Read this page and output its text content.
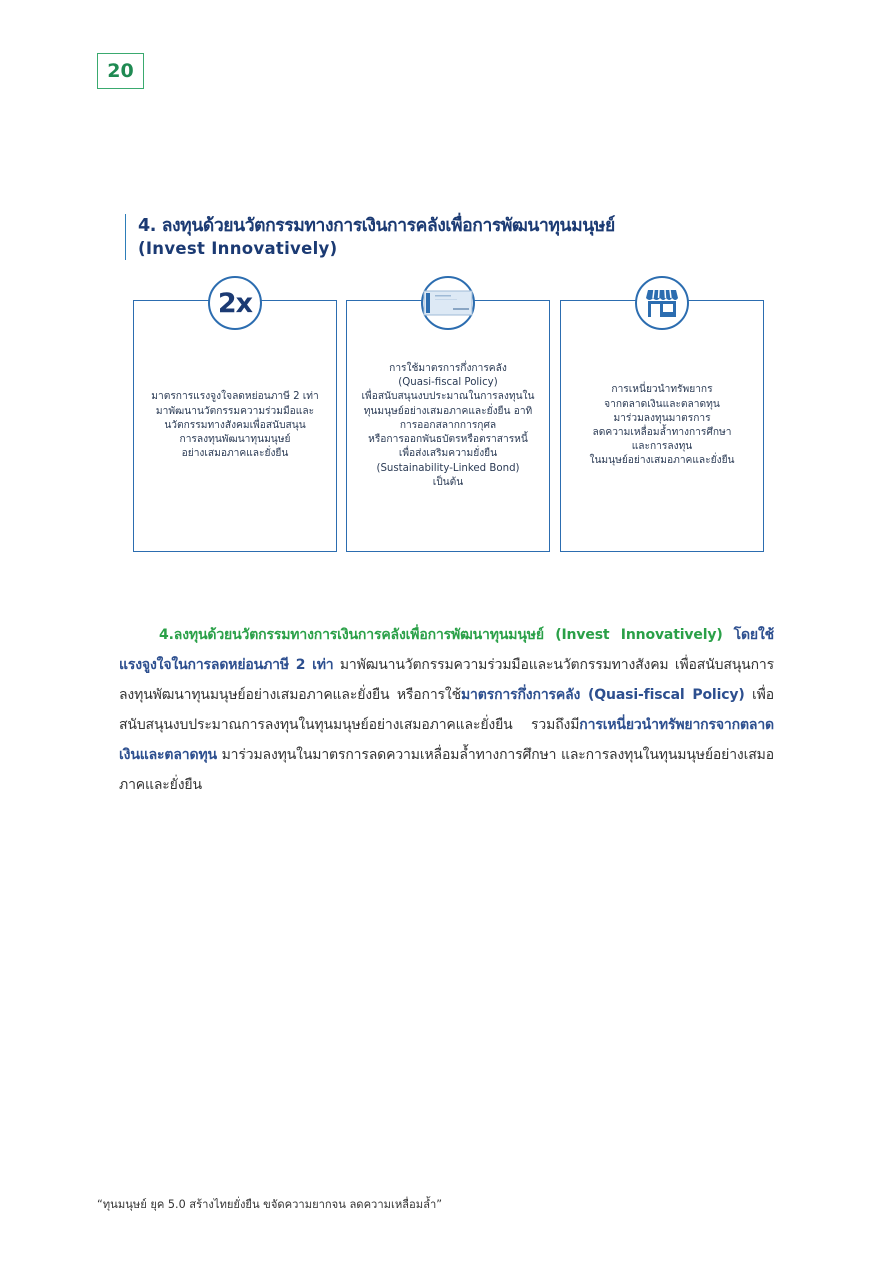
20
4. ลงทุนด้วยนวัตกรรมทางการเงินการคลังเพื่อการพัฒนาทุนมนุษย์
(Invest Innovatively)
มาตรการแรงจูงใจลดหย่อนภาษี 2 เท่า
มาพัฒนานวัตกรรมความร่วมมือและ
นวัตกรรมทางสังคมเพื่อสนับสนุน
การลงทุนพัฒนาทุนมนุษย์
อย่างเสมอภาคและยั่งยืน
2x
การใช้มาตรการกึ่งการคลัง
(Quasi-fiscal Policy)
เพื่อสนับสนุนงบประมาณในการลงทุนใน
ทุนมนุษย์อย่างเสมอภาคและยั่งยืน อาทิ
การออกสลากการกุศล
หรือการออกพันธบัตรหรือตราสารหนี้
เพื่อส่งเสริมความยั่งยืน
(Sustainability-Linked Bond)
เป็นต้น
การเหนี่ยวนำทรัพยากร
จากตลาดเงินและตลาดทุน
มาร่วมลงทุนมาตรการ
ลดความเหลื่อมล้ำทางการศึกษา
และการลงทุน
ในมนุษย์อย่างเสมอภาคและยั่งยืน
4.ลงทุนด้วยนวัตกรรมทางการเงินการคลังเพื่อการพัฒนาทุนมนุษย์ (Invest Innovatively) โดยใช้แรงจูงใจในการลดหย่อนภาษี 2 เท่า มาพัฒนานวัตกรรมความร่วมมือและนวัตกรรมทางสังคม เพื่อสนับสนุนการลงทุนพัฒนาทุนมนุษย์อย่างเสมอภาคและยั่งยืน หรือการใช้มาตรการกึ่งการคลัง (Quasi-fiscal Policy) เพื่อสนับสนุนงบประมาณการลงทุนในทุนมนุษย์อย่างเสมอภาคและยั่งยืน รวมถึงมีการเหนี่ยวนำทรัพยากรจากตลาดเงินและตลาดทุน มาร่วมลงทุนในมาตรการลดความเหลื่อมล้ำทางการศึกษา และการลงทุนในทุนมนุษย์อย่างเสมอภาคและยั่งยืน
“ทุนมนุษย์ ยุค 5.0 สร้างไทยยั่งยืน ขจัดความยากจน ลดความเหลื่อมล้ำ”
